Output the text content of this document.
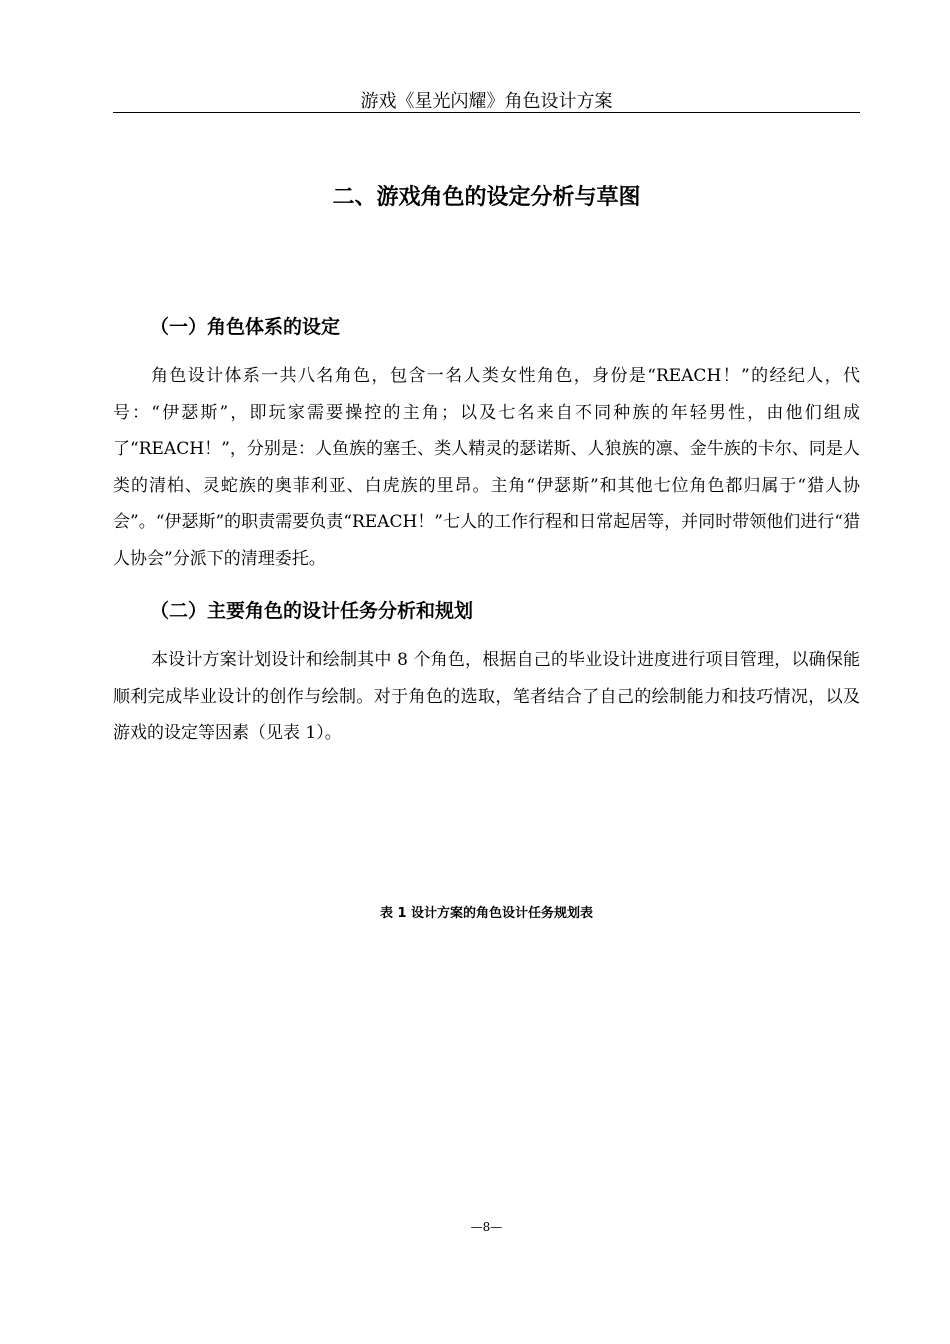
游戏《星光闪耀》角色设计方案
二、游戏角色的设定分析与草图
（一）角色体系的设定

角色设计体系一共八名角色，包含一名人类女性角色，身份是“REACH！”的经纪人，代号：“伊瑟斯”，即玩家需要操控的主角；以及七名来自不同种族的年轻男性，由他们组成了“REACH！”，分别是：人鱼族的塞壬、类人精灵的瑟诺斯、人狼族的凛、金牛族的卡尔、同是人类的清柏、灵蛇族的奥菲利亚、白虎族的里昂。主角“伊瑟斯”和其他七位角色都归属于“猎人协会”。“伊瑟斯”的职责需要负责“REACH！”七人的工作行程和日常起居等，并同时带领他们进行“猎人协会”分派下的清理委托。

（二）主要角色的设计任务分析和规划

本设计方案计划设计和绘制其中 8 个角色，根据自己的毕业设计进度进行项目管理，以确保能顺利完成毕业设计的创作与绘制。对于角色的选取，笔者结合了自己的绘制能力和技巧情况，以及游戏的设定等因素（见表 1）。

表 1 设计方案的角色设计任务规划表
—8—
